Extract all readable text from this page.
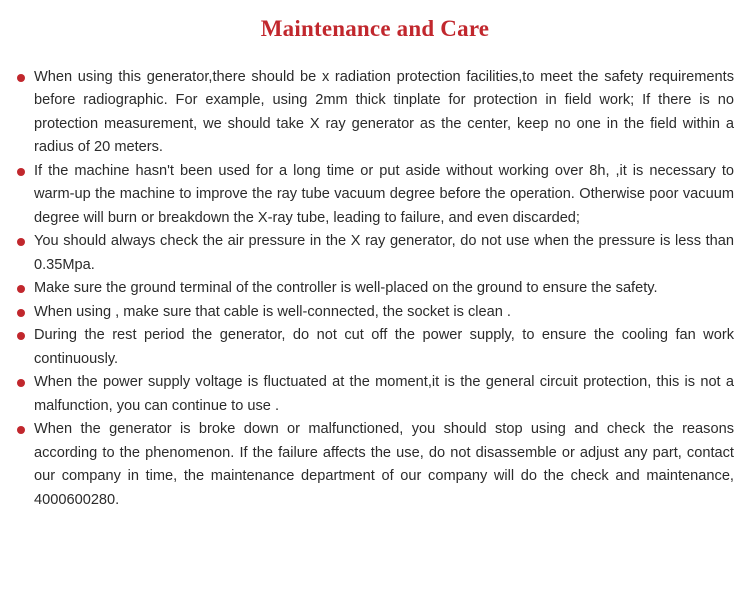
Maintenance and Care
When using this generator,there should be x radiation protection facilities,to meet the safety requirements before radiographic. For example, using 2mm thick tinplate for protection in field work; If there is no protection measurement, we should take X ray generator as the center, keep no one in the field within a radius of 20 meters.
If the machine hasn't been used for a long time or put aside without working over 8h, ,it is necessary to warm-up the machine to improve the ray tube vacuum degree before the operation. Otherwise poor vacuum degree will burn or breakdown the X-ray tube, leading to failure, and even discarded;
You should always check the air pressure in the X ray generator, do not use when the pressure is less than 0.35Mpa.
Make sure the ground terminal of the controller is well-placed on the ground to ensure the safety.
When using , make sure that cable is well-connected, the socket is clean .
During the rest period the generator, do not cut off the power supply, to ensure the cooling fan work continuously.
When the power supply voltage is fluctuated at the moment,it is the general circuit protection, this is not a malfunction, you can continue to use .
When the generator is broke down or malfunctioned, you should stop using and check the reasons according to the phenomenon. If the failure affects the use, do not disassemble or adjust any part, contact our company in time, the maintenance department of our company will do the check and maintenance, 4000600280.
